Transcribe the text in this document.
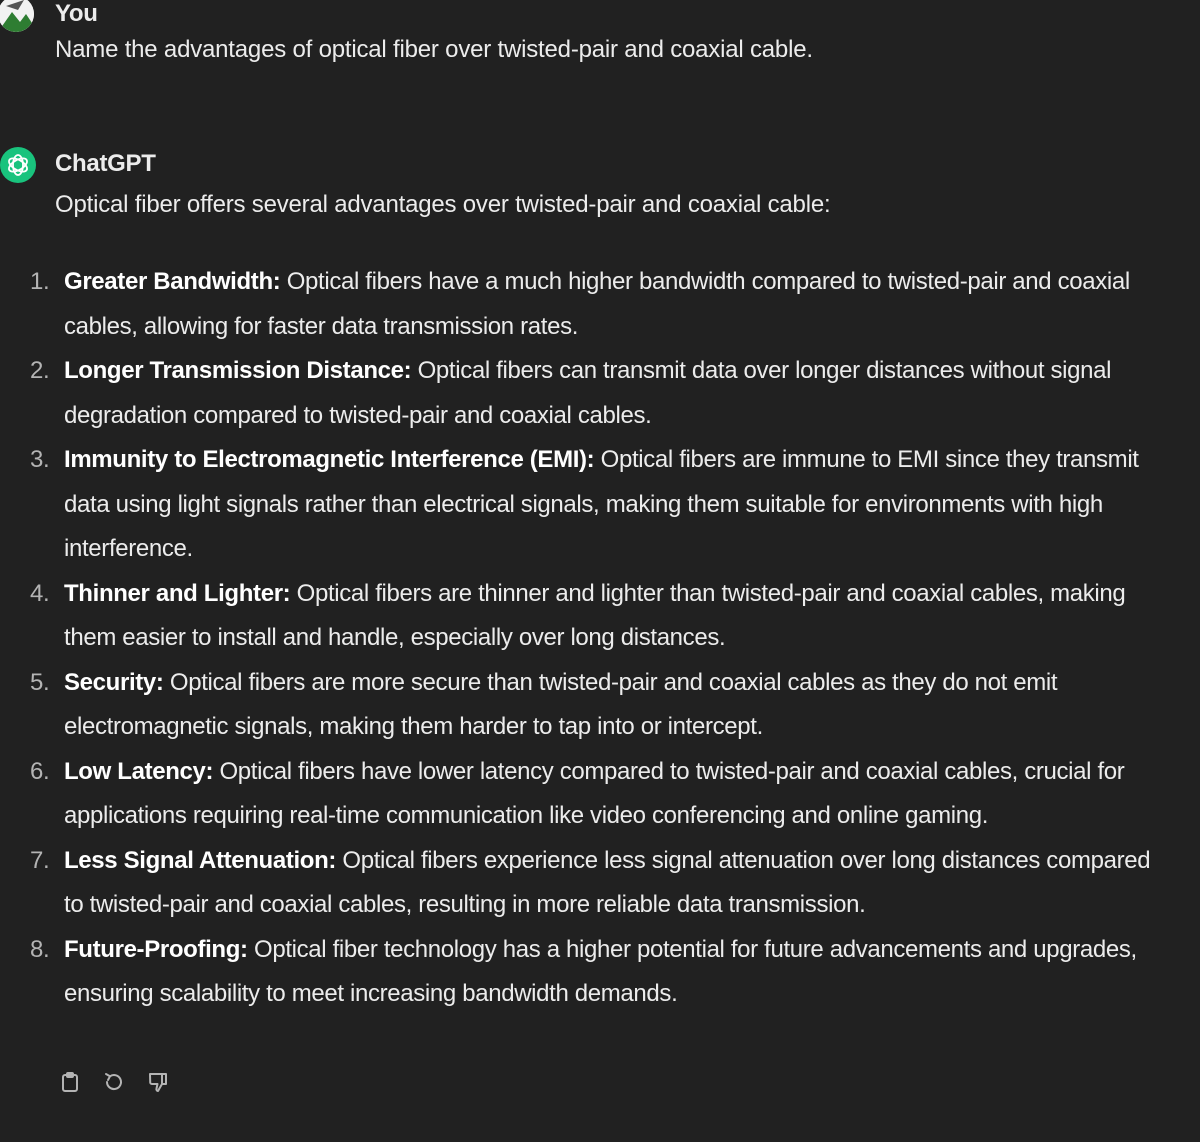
You
Name the advantages of optical fiber over twisted-pair and coaxial cable.
ChatGPT
Optical fiber offers several advantages over twisted-pair and coaxial cable:
1. Greater Bandwidth: Optical fibers have a much higher bandwidth compared to twisted-pair and coaxial cables, allowing for faster data transmission rates.
2. Longer Transmission Distance: Optical fibers can transmit data over longer distances without signal degradation compared to twisted-pair and coaxial cables.
3. Immunity to Electromagnetic Interference (EMI): Optical fibers are immune to EMI since they transmit data using light signals rather than electrical signals, making them suitable for environments with high interference.
4. Thinner and Lighter: Optical fibers are thinner and lighter than twisted-pair and coaxial cables, making them easier to install and handle, especially over long distances.
5. Security: Optical fibers are more secure than twisted-pair and coaxial cables as they do not emit electromagnetic signals, making them harder to tap into or intercept.
6. Low Latency: Optical fibers have lower latency compared to twisted-pair and coaxial cables, crucial for applications requiring real-time communication like video conferencing and online gaming.
7. Less Signal Attenuation: Optical fibers experience less signal attenuation over long distances compared to twisted-pair and coaxial cables, resulting in more reliable data transmission.
8. Future-Proofing: Optical fiber technology has a higher potential for future advancements and upgrades, ensuring scalability to meet increasing bandwidth demands.
